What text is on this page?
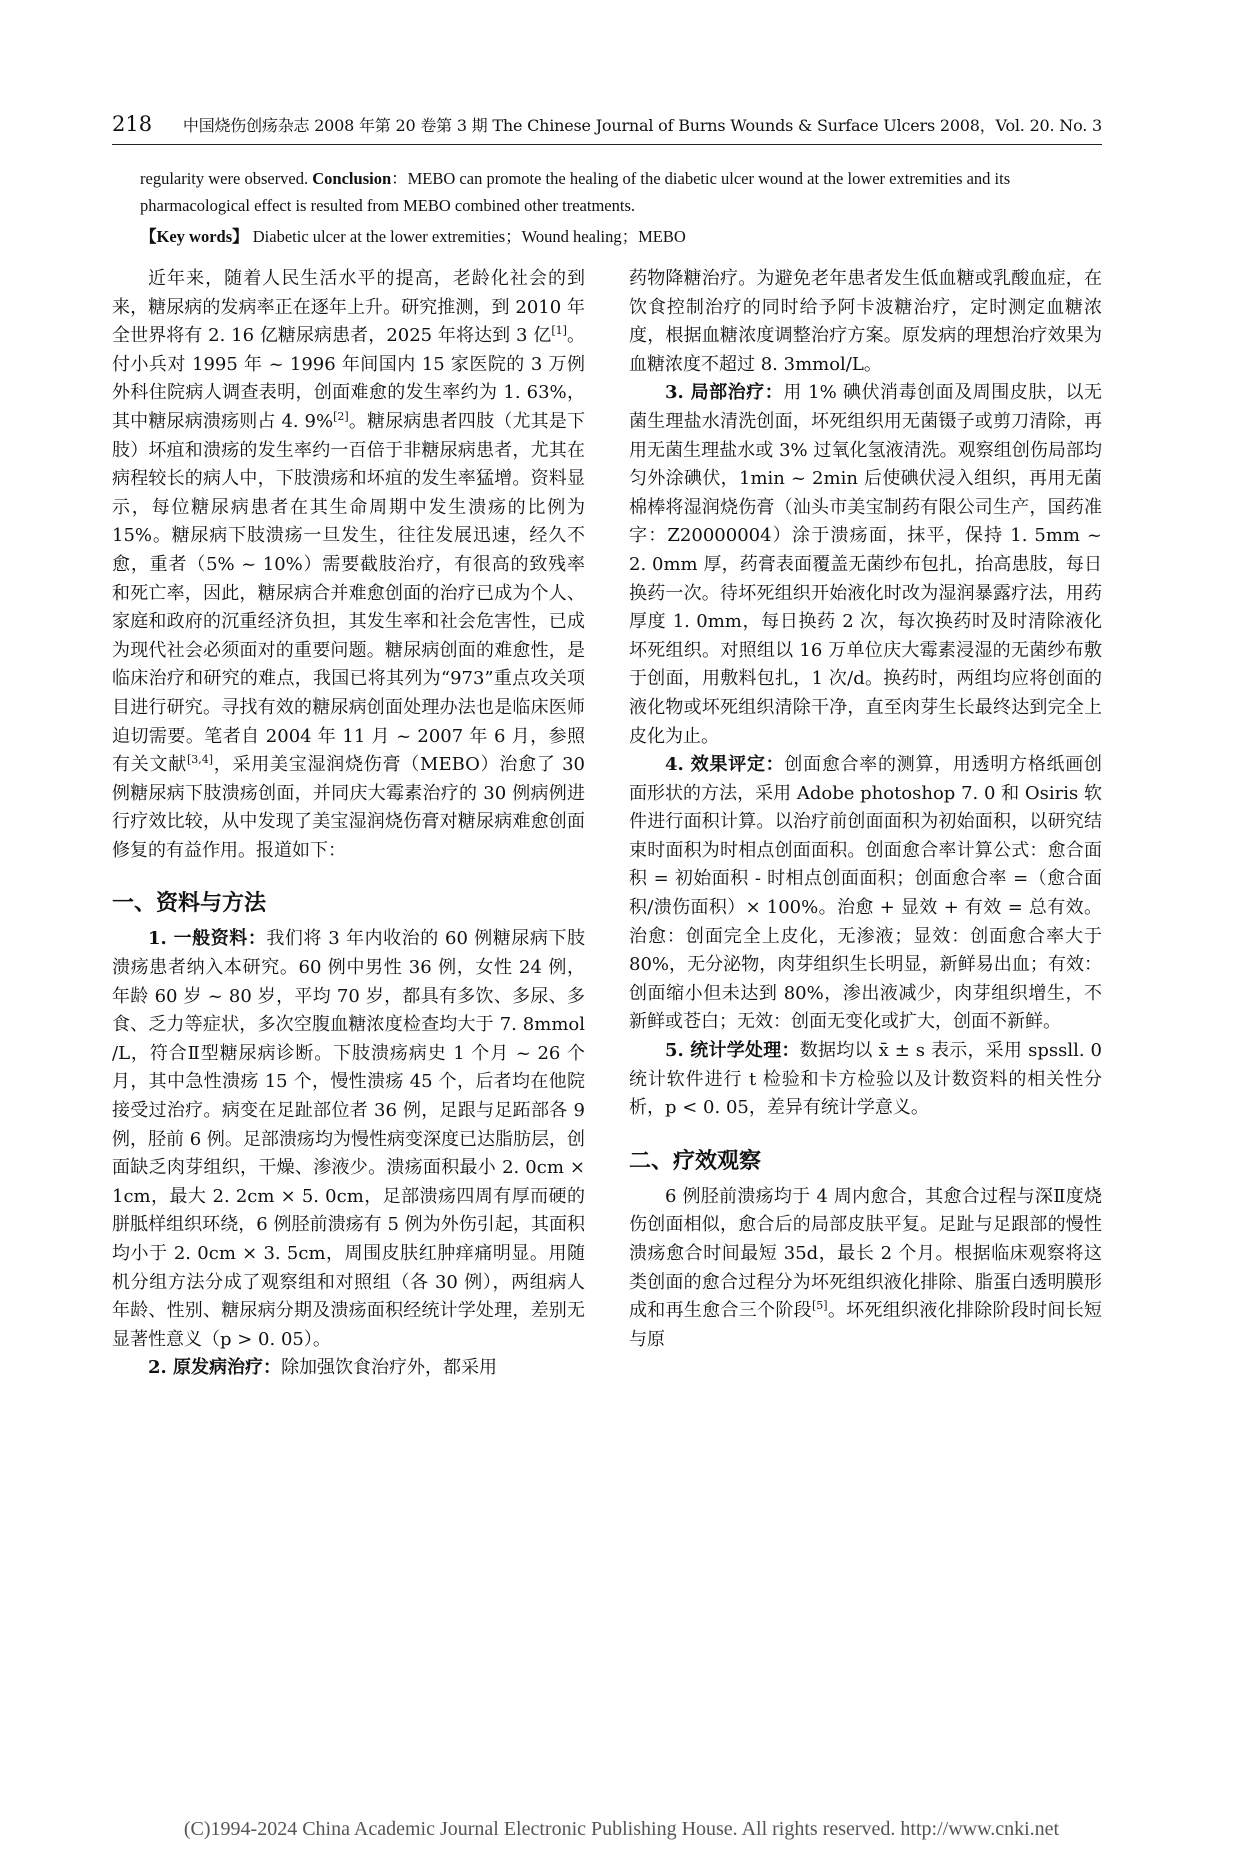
218 中国烧伤创疡杂志 2008 年第 20 卷第 3 期 The Chinese Journal of Burns Wounds & Surface Ulcers 2008，Vol. 20. No. 3

regularity were observed. Conclusion：MEBO can promote the healing of the diabetic ulcer wound at the lower extremities and its pharmacological effect is resulted from MEBO combined other treatments.

【Key words】 Diabetic ulcer at the lower extremities；Wound healing；MEBO

近年来，随着人民生活水平的提高，老龄化社会的到来，糖尿病的发病率正在逐年上升。研究推测，到 2010 年全世界将有 2. 16 亿糖尿病患者，2025 年将达到 3 亿[1]。付小兵对 1995 年 ~ 1996 年间国内 15 家医院的 3 万例外科住院病人调查表明，创面难愈的发生率约为 1. 63%，其中糖尿病溃疡则占 4. 9%[2]。糖尿病患者四肢（尤其是下肢）坏疽和溃疡的发生率约一百倍于非糖尿病患者，尤其在病程较长的病人中，下肢溃疡和坏疽的发生率猛增。资料显示，每位糖尿病患者在其生命周期中发生溃疡的比例为 15%。糖尿病下肢溃疡一旦发生，往往发展迅速，经久不愈，重者（5% ~ 10%）需要截肢治疗，有很高的致残率和死亡率，因此，糖尿病合并难愈创面的治疗已成为个人、家庭和政府的沉重经济负担，其发生率和社会危害性，已成为现代社会必须面对的重要问题。糖尿病创面的难愈性，是临床治疗和研究的难点，我国已将其列为“973”重点攻关项目进行研究。寻找有效的糖尿病创面处理办法也是临床医师迫切需要。笔者自 2004 年 11 月 ~ 2007 年 6 月，参照有关文献[3,4]，采用美宝湿润烧伤膏（MEBO）治愈了 30 例糖尿病下肢溃疡创面，并同庆大霉素治疗的 30 例病例进行疗效比较，从中发现了美宝湿润烧伤膏对糖尿病难愈创面修复的有益作用。报道如下：

一、资料与方法

1. 一般资料：我们将 3 年内收治的 60 例糖尿病下肢溃疡患者纳入本研究。60 例中男性 36 例，女性 24 例，年龄 60 岁 ~ 80 岁，平均 70 岁，都具有多饮、多尿、多食、乏力等症状，多次空腹血糖浓度检查均大于 7. 8mmol /L，符合Ⅱ型糖尿病诊断。下肢溃疡病史 1 个月 ~ 26 个月，其中急性溃疡 15 个，慢性溃疡 45 个，后者均在他院接受过治疗。病变在足趾部位者 36 例，足跟与足跖部各 9 例，胫前 6 例。足部溃疡均为慢性病变深度已达脂肪层，创面缺乏肉芽组织，干燥、渗液少。溃疡面积最小 2. 0cm × 1cm，最大 2. 2cm × 5. 0cm，足部溃疡四周有厚而硬的胼胝样组织环绕，6 例胫前溃疡有 5 例为外伤引起，其面积均小于 2. 0cm × 3. 5cm，周围皮肤红肿痒痛明显。用随机分组方法分成了观察组和对照组（各 30 例），两组病人年龄、性别、糖尿病分期及溃疡面积经统计学处理，差别无显著性意义（p > 0. 05）。

2. 原发病治疗：除加强饮食治疗外，都采用

药物降糖治疗。为避免老年患者发生低血糖或乳酸血症，在饮食控制治疗的同时给予阿卡波糖治疗，定时测定血糖浓度，根据血糖浓度调整治疗方案。原发病的理想治疗效果为血糖浓度不超过 8. 3mmol/L。

3. 局部治疗：用 1% 碘伏消毒创面及周围皮肤，以无菌生理盐水清洗创面，坏死组织用无菌镊子或剪刀清除，再用无菌生理盐水或 3% 过氧化氢液清洗。观察组创伤局部均匀外涂碘伏，1min ~ 2min 后使碘伏浸入组织，再用无菌棉棒将湿润烧伤膏（汕头市美宝制药有限公司生产，国药准字：Z20000004）涂于溃疡面，抹平，保持 1. 5mm ~ 2. 0mm 厚，药膏表面覆盖无菌纱布包扎，抬高患肢，每日换药一次。待坏死组织开始液化时改为湿润暴露疗法，用药厚度 1. 0mm，每日换药 2 次，每次换药时及时清除液化坏死组织。对照组以 16 万单位庆大霉素浸湿的无菌纱布敷于创面，用敷料包扎，1 次/d。换药时，两组均应将创面的液化物或坏死组织清除干净，直至肉芽生长最终达到完全上皮化为止。

4. 效果评定：创面愈合率的测算，用透明方格纸画创面形状的方法，采用 Adobe photoshop 7. 0 和 Osiris 软件进行面积计算。以治疗前创面面积为初始面积，以研究结束时面积为时相点创面面积。创面愈合率计算公式：愈合面积 = 初始面积 - 时相点创面面积；创面愈合率 =（愈合面积/溃伤面积）× 100%。治愈 + 显效 + 有效 = 总有效。治愈：创面完全上皮化，无渗液；显效：创面愈合率大于 80%，无分泌物，肉芽组织生长明显，新鲜易出血；有效：创面缩小但未达到 80%，渗出液减少，肉芽组织增生，不新鲜或苍白；无效：创面无变化或扩大，创面不新鲜。

5. 统计学处理：数据均以 x̄ ± s 表示，采用 spssll. 0 统计软件进行 t 检验和卡方检验以及计数资料的相关性分析，p < 0. 05，差异有统计学意义。

二、疗效观察

6 例胫前溃疡均于 4 周内愈合，其愈合过程与深Ⅱ度烧伤创面相似，愈合后的局部皮肤平复。足趾与足跟部的慢性溃疡愈合时间最短 35d，最长 2 个月。根据临床观察将这类创面的愈合过程分为坏死组织液化排除、脂蛋白透明膜形成和再生愈合三个阶段[5]。坏死组织液化排除阶段时间长短与原

(C)1994-2024 China Academic Journal Electronic Publishing House. All rights reserved. http://www.cnki.net
